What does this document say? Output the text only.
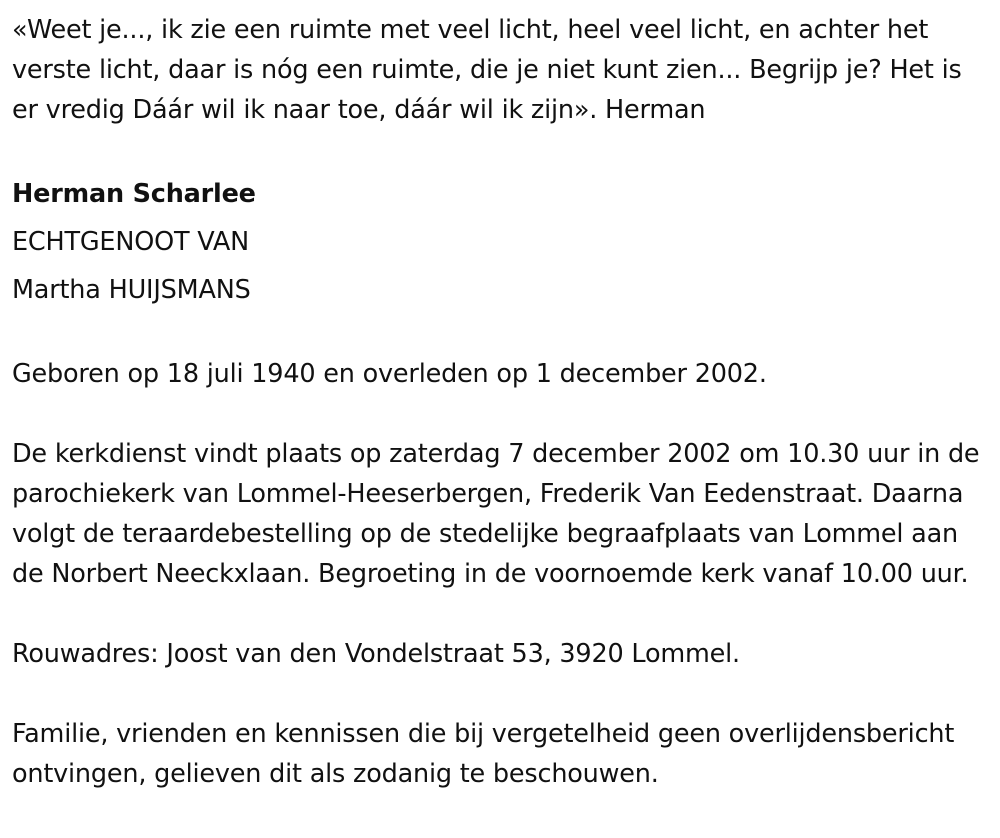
«Weet je..., ik zie een ruimte met veel licht, heel veel licht, en achter het verste licht, daar is nóg een ruimte, die je niet kunt zien... Begrijp je? Het is er vredig Dáár wil ik naar toe, dáár wil ik zijn». Herman

Herman Scharlee

ECHTGENOOT VAN

Martha HUIJSMANS

Geboren op 18 juli 1940 en overleden op 1 december 2002.

De kerkdienst vindt plaats op zaterdag 7 december 2002 om 10.30 uur in de parochiekerk van Lommel-Heeserbergen, Frederik Van Eedenstraat. Daarna volgt de teraardebestelling op de stedelijke begraafplaats van Lommel aan de Norbert Neeckxlaan. Begroeting in de voornoemde kerk vanaf 10.00 uur.

Rouwadres: Joost van den Vondelstraat 53, 3920 Lommel.

Familie, vrienden en kennissen die bij vergetelheid geen overlijdensbericht ontvingen, gelieven dit als zodanig te beschouwen.
